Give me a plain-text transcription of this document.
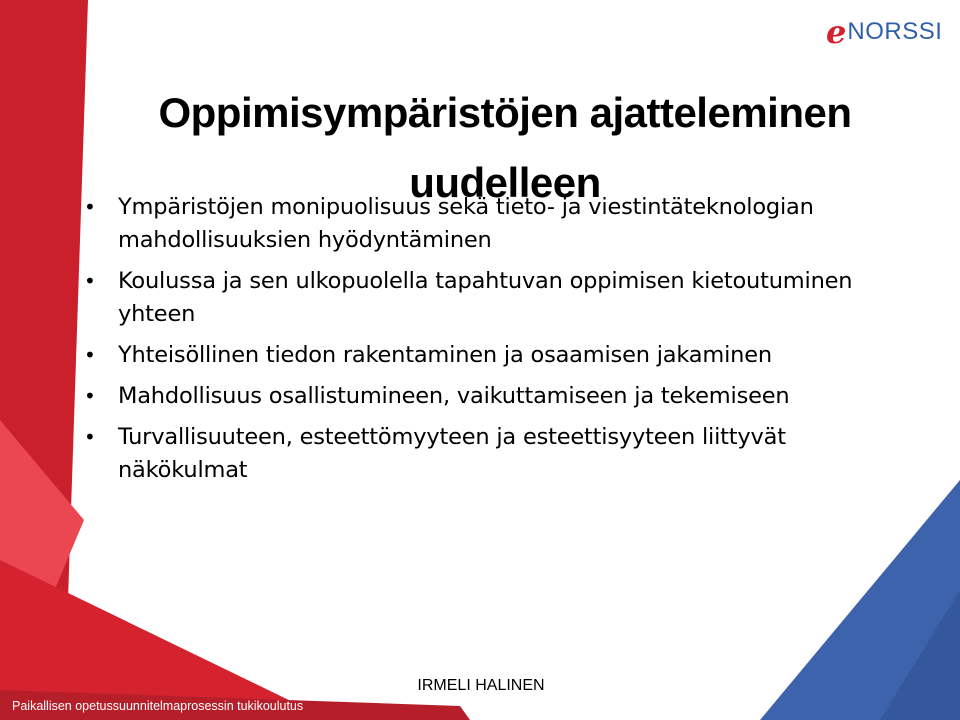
e NORSSI
Oppimisympäristöjen ajatteleminen uudelleen
• Ympäristöjen monipuolisuus sekä tieto- ja viestintäteknologian mahdollisuuksien hyödyntäminen
• Koulussa ja sen ulkopuolella tapahtuvan oppimisen kietoutuminen yhteen
• Yhteisöllinen tiedon rakentaminen ja osaamisen jakaminen
• Mahdollisuus osallistumineen, vaikuttamiseen ja tekemiseen
• Turvallisuuteen, esteettömyyteen ja esteettisyyteen liittyvät näkökulmat
IRMELI HALINEN
Paikallisen opetussuunnitelmaprosessin tukikoulutus
